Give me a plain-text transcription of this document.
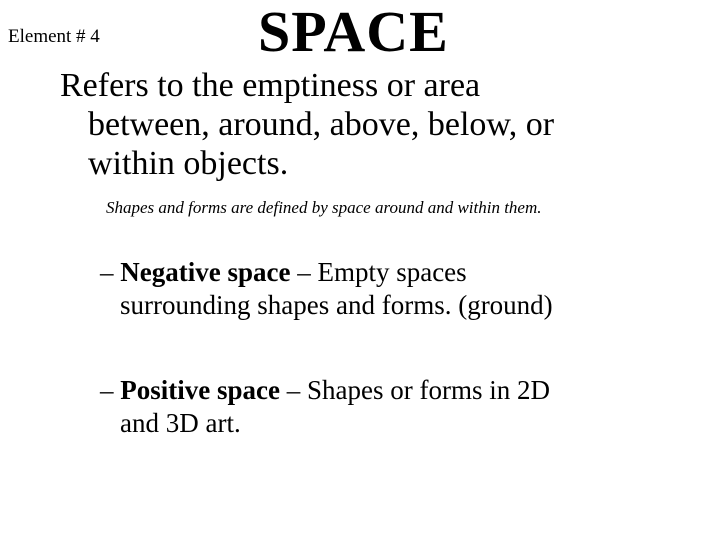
Element # 4	SPACE
Refers to the emptiness or area
between, around, above, below, or
within objects.
Shapes and forms are defined by space around and within them.
– Negative space – Empty spaces
surrounding shapes and forms. (ground)
– Positive space – Shapes or forms in 2D
and 3D art.
